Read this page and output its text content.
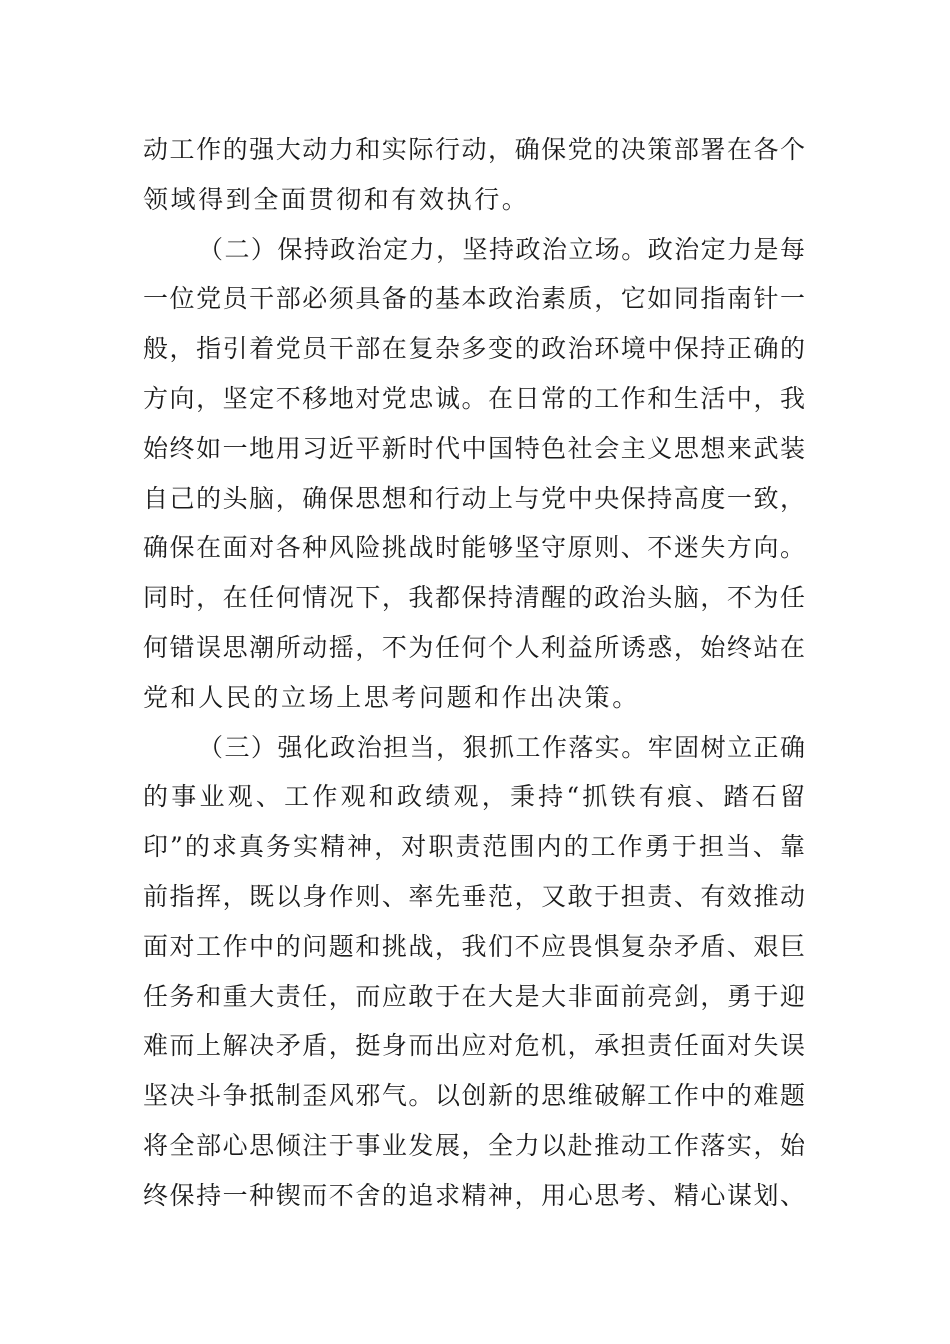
动工作的强大动力和实际行动，确保党的决策部署在各个
领域得到全面贯彻和有效执行。
（二）保持政治定力，坚持政治立场。政治定力是每
一位党员干部必须具备的基本政治素质，它如同指南针一
般，指引着党员干部在复杂多变的政治环境中保持正确的
方向，坚定不移地对党忠诚。在日常的工作和生活中，我
始终如一地用习近平新时代中国特色社会主义思想来武装
自己的头脑，确保思想和行动上与党中央保持高度一致，
确保在面对各种风险挑战时能够坚守原则、不迷失方向。
同时，在任何情况下，我都保持清醒的政治头脑，不为任
何错误思潮所动摇，不为任何个人利益所诱惑，始终站在
党和人民的立场上思考问题和作出决策。
（三）强化政治担当，狠抓工作落实。牢固树立正确
的事业观、工作观和政绩观，秉持“抓铁有痕、踏石留
印”的求真务实精神，对职责范围内的工作勇于担当、靠
前指挥，既以身作则、率先垂范，又敢于担责、有效推动
面对工作中的问题和挑战，我们不应畏惧复杂矛盾、艰巨
任务和重大责任，而应敢于在大是大非面前亮剑，勇于迎
难而上解决矛盾，挺身而出应对危机，承担责任面对失误
坚决斗争抵制歪风邪气。以创新的思维破解工作中的难题
将全部心思倾注于事业发展，全力以赴推动工作落实，始
终保持一种锲而不舍的追求精神，用心思考、精心谋划、
